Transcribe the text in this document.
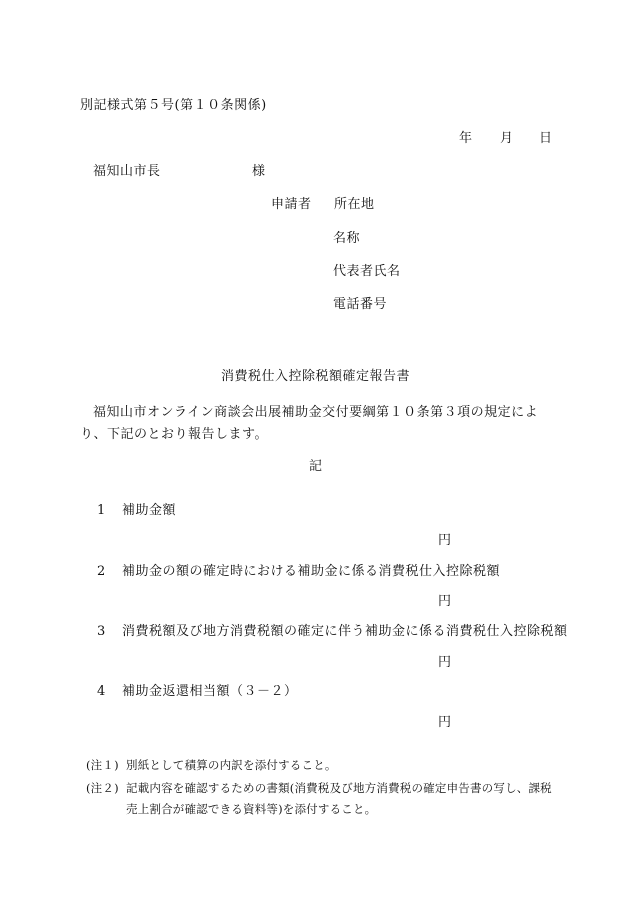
別記様式第５号(第１０条関係)
年 月 日
福知山市長	様
申請者 所在地
名称
代表者氏名
電話番号
消費税仕入控除税額確定報告書
福知山市オンライン商談会出展補助金交付要綱第１０条第３項の規定により、下記のとおり報告します。
記
1 補助金額
円
2 補助金の額の確定時における補助金に係る消費税仕入控除税額
円
3 消費税額及び地方消費税額の確定に伴う補助金に係る消費税仕入控除税額
円
4 補助金返還相当額（３－２）
円
(注１) 別紙として積算の内訳を添付すること。
(注２) 記載内容を確認するための書類(消費税及び地方消費税の確定申告書の写し、課税
売上割合が確認できる資料等)を添付すること。
